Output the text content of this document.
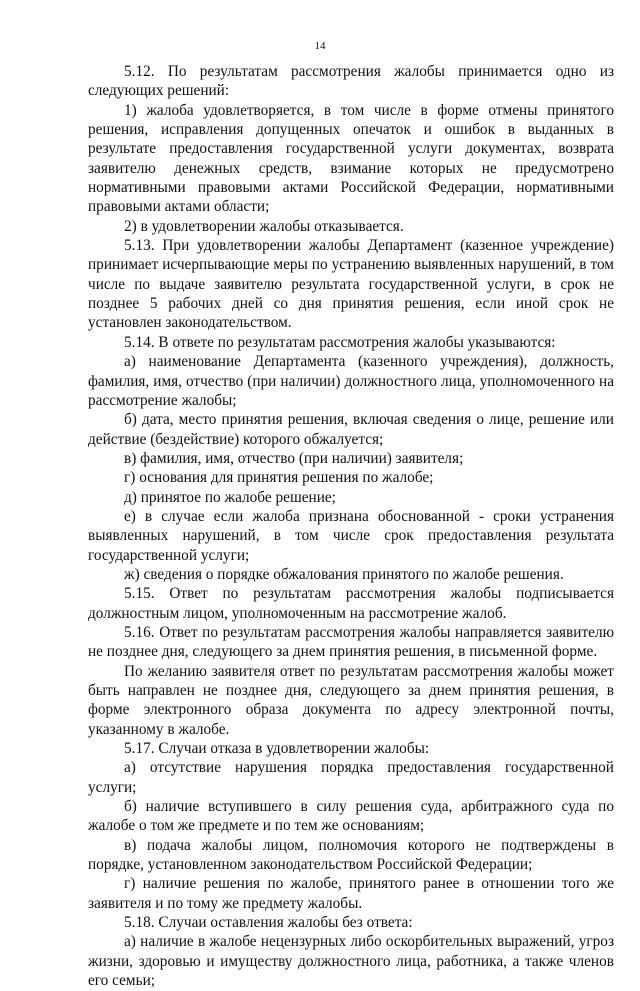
14

5.12. По результатам рассмотрения жалобы принимается одно из следующих решений:

1) жалоба удовлетворяется, в том числе в форме отмены принятого решения, исправления допущенных опечаток и ошибок в выданных в результате предоставления государственной услуги документах, возврата заявителю денежных средств, взимание которых не предусмотрено нормативными правовыми актами Российской Федерации, нормативными правовыми актами области;

2) в удовлетворении жалобы отказывается.

5.13. При удовлетворении жалобы Департамент (казенное учреждение) принимает исчерпывающие меры по устранению выявленных нарушений, в том числе по выдаче заявителю результата государственной услуги, в срок не позднее 5 рабочих дней со дня принятия решения, если иной срок не установлен законодательством.

5.14. В ответе по результатам рассмотрения жалобы указываются:

а) наименование Департамента (казенного учреждения), должность, фамилия, имя, отчество (при наличии) должностного лица, уполномоченного на рассмотрение жалобы;

б) дата, место принятия решения, включая сведения о лице, решение или действие (бездействие) которого обжалуется;

в) фамилия, имя, отчество (при наличии) заявителя;

г) основания для принятия решения по жалобе;

д) принятое по жалобе решение;

е) в случае если жалоба признана обоснованной - сроки устранения выявленных нарушений, в том числе срок предоставления результата государственной услуги;

ж) сведения о порядке обжалования принятого по жалобе решения.

5.15. Ответ по результатам рассмотрения жалобы подписывается должностным лицом, уполномоченным на рассмотрение жалоб.

5.16. Ответ по результатам рассмотрения жалобы направляется заявителю не позднее дня, следующего за днем принятия решения, в письменной форме.

По желанию заявителя ответ по результатам рассмотрения жалобы может быть направлен не позднее дня, следующего за днем принятия решения, в форме электронного образа документа по адресу электронной почты, указанному в жалобе.

5.17. Случаи отказа в удовлетворении жалобы:

а) отсутствие нарушения порядка предоставления государственной услуги;

б) наличие вступившего в силу решения суда, арбитражного суда по жалобе о том же предмете и по тем же основаниям;

в) подача жалобы лицом, полномочия которого не подтверждены в порядке, установленном законодательством Российской Федерации;

г) наличие решения по жалобе, принятого ранее в отношении того же заявителя и по тому же предмету жалобы.

5.18. Случаи оставления жалобы без ответа:

а) наличие в жалобе нецензурных либо оскорбительных выражений, угроз жизни, здоровью и имуществу должностного лица, работника, а также членов его семьи;
